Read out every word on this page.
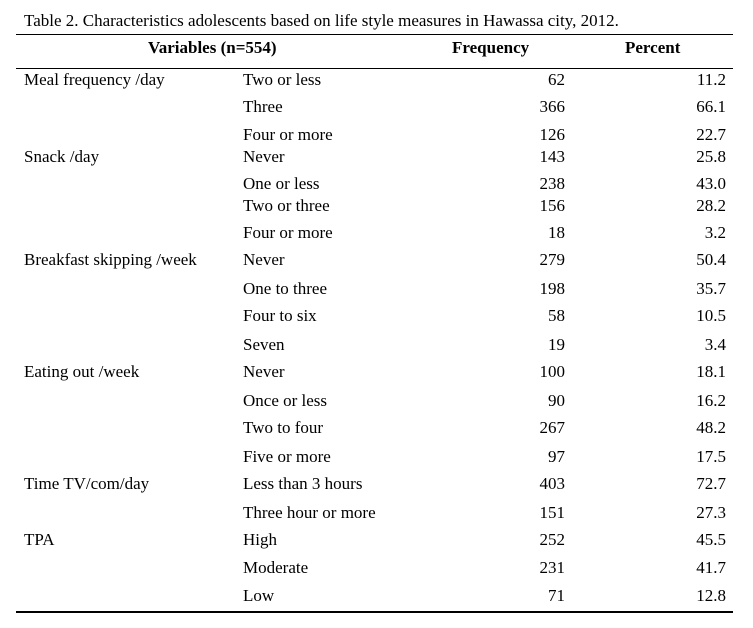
Table 2. Characteristics adolescents based on life style measures in Hawassa city, 2012.
Variables (n=554)	Frequency	Percent
Meal frequency /day	Two or less	62	11.2
Three	366	66.1
Four or more	126	22.7
Snack /day	Never	143	25.8
One or less	238	43.0
Two or three	156	28.2
Four or more	18	3.2
Breakfast skipping /week	Never	279	50.4
One to three	198	35.7
Four to six	58	10.5
Seven	19	3.4
Eating out /week	Never	100	18.1
Once or less	90	16.2
Two to four	267	48.2
Five or more	97	17.5
Time TV/com/day	Less than 3 hours	403	72.7
Three hour or more	151	27.3
TPA	High	252	45.5
Moderate	231	41.7
Low	71	12.8
